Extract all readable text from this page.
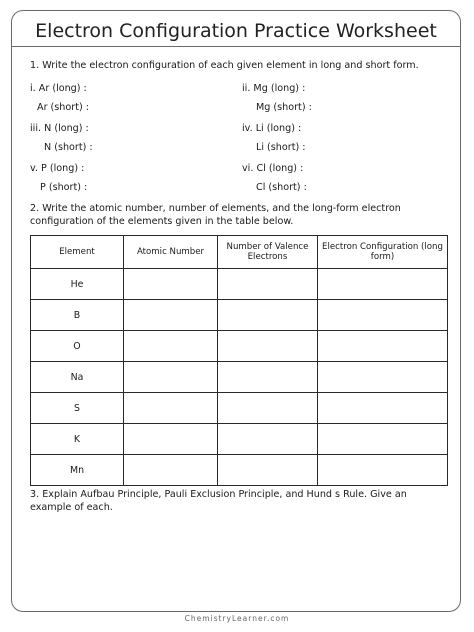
Electron Configuration Practice Worksheet
1. Write the electron configuration of each given element in long and short form.
i. Ar (long) :
Ar (short) :
iii. N (long) :
N (short) :
v. P (long) :
P (short) :
ii. Mg (long) :
Mg (short) :
iv. Li (long) :
Li (short) :
vi. Cl (long) :
Cl (short) :
2. Write the atomic number, number of elements, and the long-form electron
configuration of the elements given in the table below.
Element	Atomic Number	Number of Valence Electrons	Electron Configuration (long form)
He			
B			
O			
Na			
S			
K			
Mn			
3. Explain Aufbau Principle, Pauli Exclusion Principle, and Hund s Rule. Give an
example of each.
ChemistryLearner.com
